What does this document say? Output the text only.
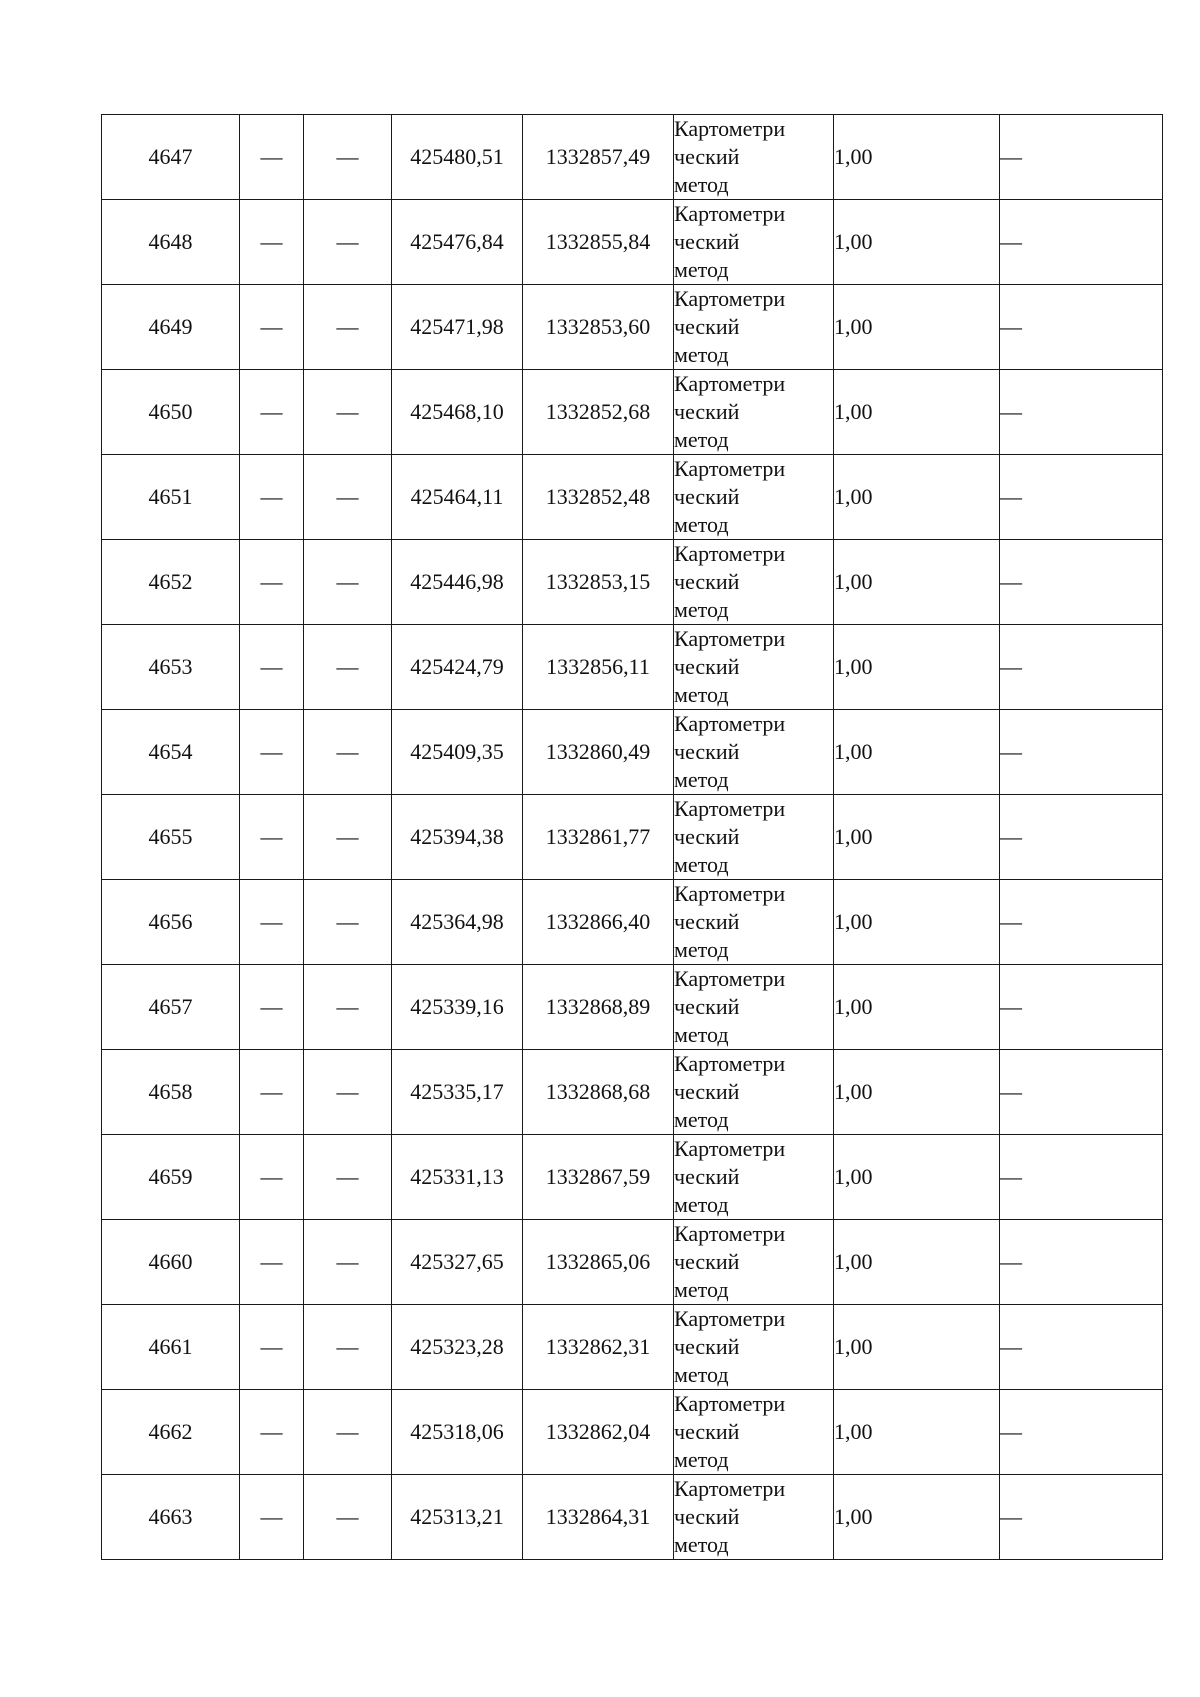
4647	—	—	425480,51	1332857,49	Картометри
ческий
метод	1,00	—
4648	—	—	425476,84	1332855,84	Картометри
ческий
метод	1,00	—
4649	—	—	425471,98	1332853,60	Картометри
ческий
метод	1,00	—
4650	—	—	425468,10	1332852,68	Картометри
ческий
метод	1,00	—
4651	—	—	425464,11	1332852,48	Картометри
ческий
метод	1,00	—
4652	—	—	425446,98	1332853,15	Картометри
ческий
метод	1,00	—
4653	—	—	425424,79	1332856,11	Картометри
ческий
метод	1,00	—
4654	—	—	425409,35	1332860,49	Картометри
ческий
метод	1,00	—
4655	—	—	425394,38	1332861,77	Картометри
ческий
метод	1,00	—
4656	—	—	425364,98	1332866,40	Картометри
ческий
метод	1,00	—
4657	—	—	425339,16	1332868,89	Картометри
ческий
метод	1,00	—
4658	—	—	425335,17	1332868,68	Картометри
ческий
метод	1,00	—
4659	—	—	425331,13	1332867,59	Картометри
ческий
метод	1,00	—
4660	—	—	425327,65	1332865,06	Картометри
ческий
метод	1,00	—
4661	—	—	425323,28	1332862,31	Картометри
ческий
метод	1,00	—
4662	—	—	425318,06	1332862,04	Картометри
ческий
метод	1,00	—
4663	—	—	425313,21	1332864,31	Картометри
ческий
метод	1,00	—
